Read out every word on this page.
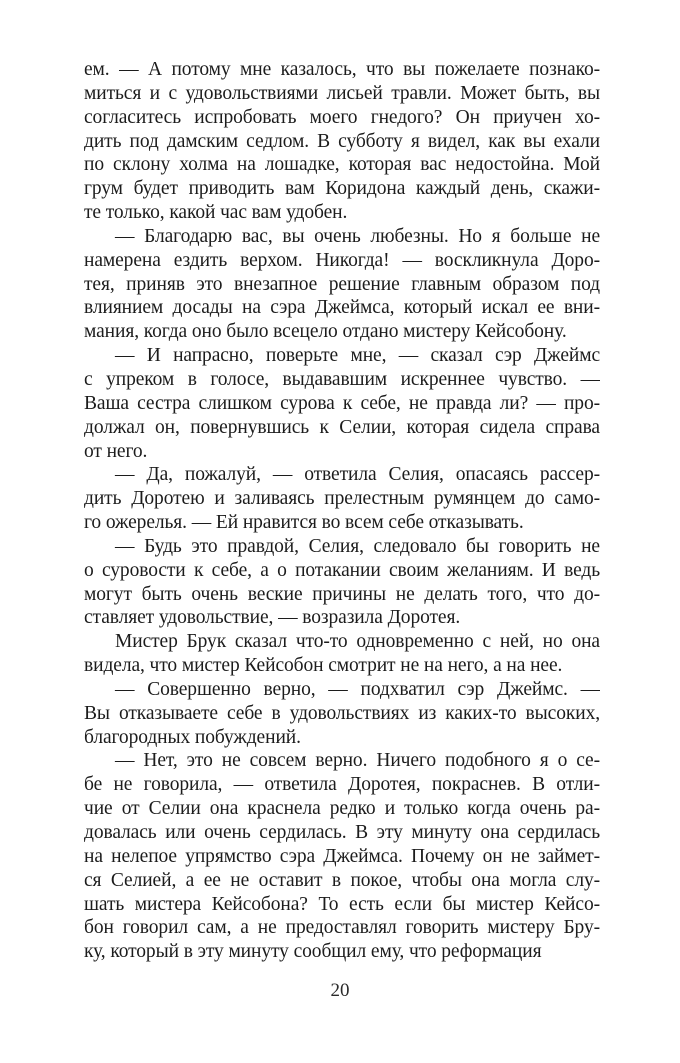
ем. — А потому мне казалось, что вы пожелаете познако-
миться и с удовольствиями лисьей травли. Может быть, вы
согласитесь испробовать моего гнедого? Он приучен хо-
дить под дамским седлом. В субботу я видел, как вы ехали
по склону холма на лошадке, которая вас недостойна. Мой
грум будет приводить вам Коридона каждый день, скажи-
те только, какой час вам удобен.
— Благодарю вас, вы очень любезны. Но я больше не
намерена ездить верхом. Никогда! — воскликнула Доро-
тея, приняв это внезапное решение главным образом под
влиянием досады на сэра Джеймса, который искал ее вни-
мания, когда оно было всецело отдано мистеру Кейсобону.
— И напрасно, поверьте мне, — сказал сэр Джеймс
с упреком в голосе, выдававшим искреннее чувство. —
Ваша сестра слишком сурова к себе, не правда ли? — про-
должал он, повернувшись к Селии, которая сидела справа
от него.
— Да, пожалуй, — ответила Селия, опасаясь рассер-
дить Доротею и заливаясь прелестным румянцем до само-
го ожерелья. — Ей нравится во всем себе отказывать.
— Будь это правдой, Селия, следовало бы говорить не
о суровости к себе, а о потакании своим желаниям. И ведь
могут быть очень веские причины не делать того, что до-
ставляет удовольствие, — возразила Доротея.
Мистер Брук сказал что-то одновременно с ней, но она
видела, что мистер Кейсобон смотрит не на него, а на нее.
— Совершенно верно, — подхватил сэр Джеймс. —
Вы отказываете себе в удовольствиях из каких-то высоких,
благородных побуждений.
— Нет, это не совсем верно. Ничего подобного я о се-
бе не говорила, — ответила Доротея, покраснев. В отли-
чие от Селии она краснела редко и только когда очень ра-
довалась или очень сердилась. В эту минуту она сердилась
на нелепое упрямство сэра Джеймса. Почему он не займет-
ся Селией, а ее не оставит в покое, чтобы она могла слу-
шать мистера Кейсобона? То есть если бы мистер Кейсо-
бон говорил сам, а не предоставлял говорить мистеру Бру-
ку, который в эту минуту сообщил ему, что реформация
20
